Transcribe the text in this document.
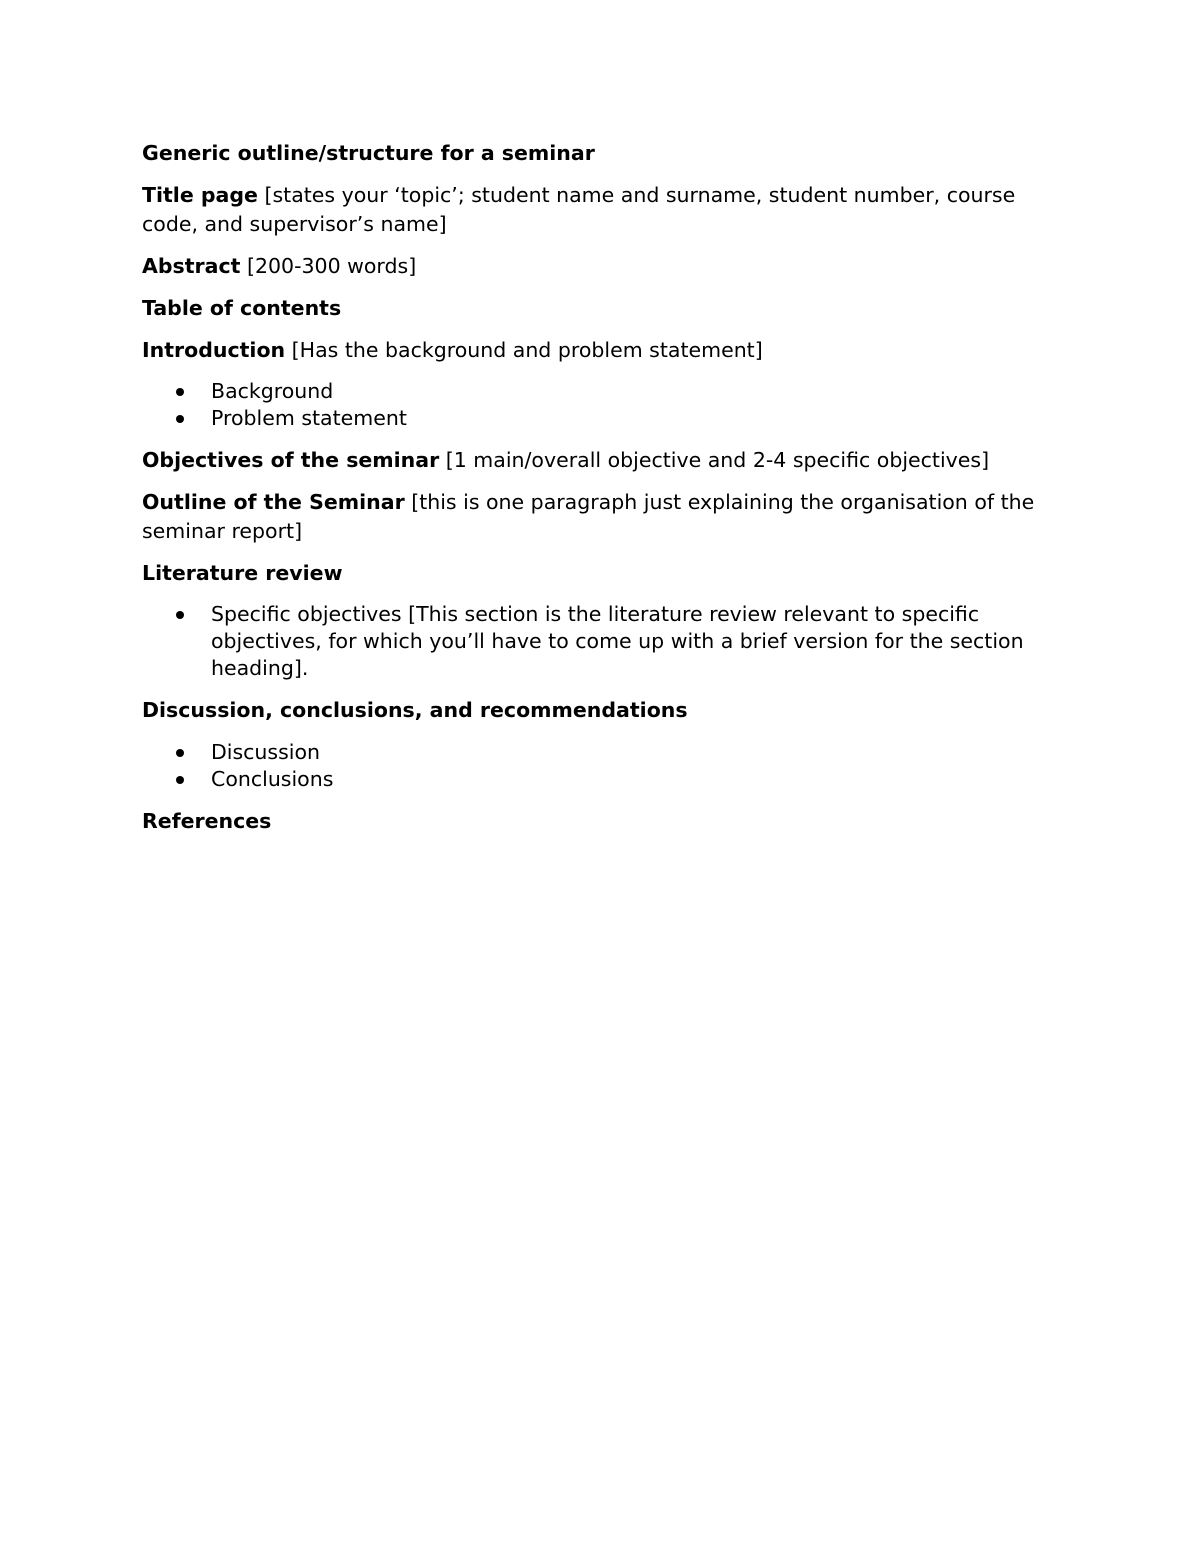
Generic outline/structure for a seminar

Title page [states your ‘topic’; student name and surname, student number, course code, and supervisor’s name]

Abstract [200-300 words]

Table of contents

Introduction [Has the background and problem statement]

Background
Problem statement

Objectives of the seminar [1 main/overall objective and 2-4 specific objectives]

Outline of the Seminar [this is one paragraph just explaining the organisation of the seminar report]

Literature review

Specific objectives [This section is the literature review relevant to specific objectives, for which you’ll have to come up with a brief version for the section heading].

Discussion, conclusions, and recommendations

Discussion
Conclusions

References
